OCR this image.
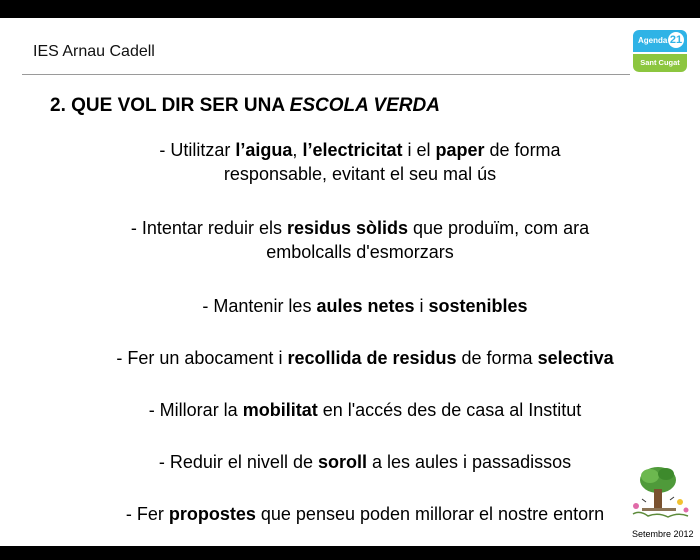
IES Arnau Cadell
Agenda 21
Sant Cugat
2. QUE VOL DIR SER UNA ESCOLA VERDA
- Utilitzar l’aigua, l’electricitat i el paper de forma responsable, evitant el seu mal ús
- Intentar reduir els residus sòlids que produïm, com ara embolcalls d'esmorzars
- Mantenir les aules netes i sostenibles
- Fer un abocament i recollida de residus de forma selectiva
- Millorar la mobilitat en l'accés des de casa al Institut
- Reduir el nivell de soroll a les aules i passadissos
- Fer propostes que penseu poden millorar el nostre entorn
Setembre 2012
